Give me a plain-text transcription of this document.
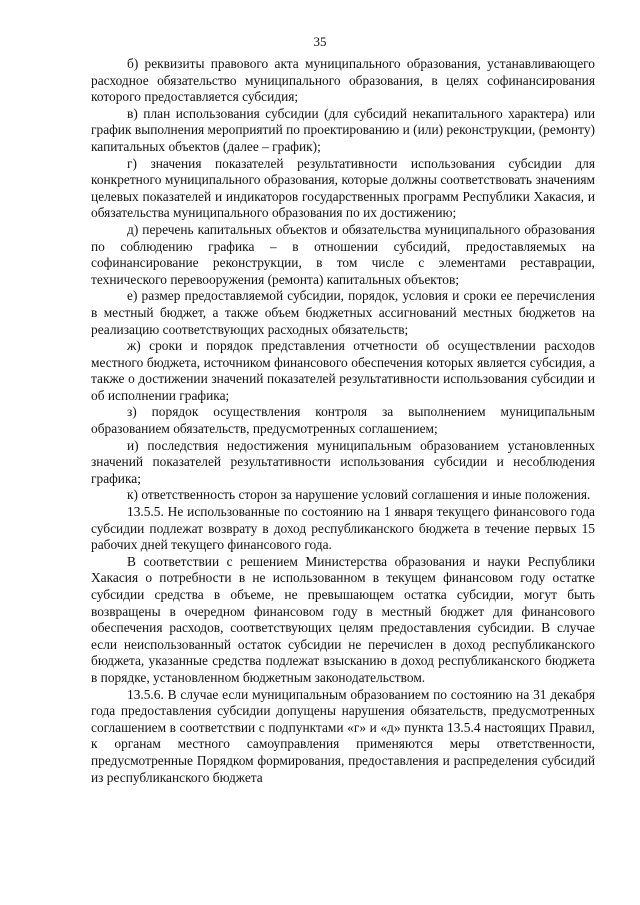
35

б) реквизиты правового акта муниципального образования, устанавливающего расходное обязательство муниципального образования, в целях софинансирования которого предоставляется субсидия;

в) план использования субсидии (для субсидий некапитального характера) или график выполнения мероприятий по проектированию и (или) реконструкции, (ремонту) капитальных объектов (далее – график);

г) значения показателей результативности использования субсидии для конкретного муниципального образования, которые должны соответствовать значениям целевых показателей и индикаторов государственных программ Республики Хакасия, и обязательства муниципального образования по их достижению;

д) перечень капитальных объектов и обязательства муниципального образования по соблюдению графика – в отношении субсидий, предоставляемых на софинансирование реконструкции, в том числе с элементами реставрации, технического перевооружения (ремонта) капитальных объектов;

е) размер предоставляемой субсидии, порядок, условия и сроки ее перечисления в местный бюджет, а также объем бюджетных ассигнований местных бюджетов на реализацию соответствующих расходных обязательств;

ж) сроки и порядок представления отчетности об осуществлении расходов местного бюджета, источником финансового обеспечения которых является субсидия, а также о достижении значений показателей результативности использования субсидии и об исполнении графика;

з) порядок осуществления контроля за выполнением муниципальным образованием обязательств, предусмотренных соглашением;

и) последствия недостижения муниципальным образованием установленных значений показателей результативности использования субсидии и несоблюдения графика;

к) ответственность сторон за нарушение условий соглашения и иные положения.

13.5.5. Не использованные по состоянию на 1 января текущего финансового года субсидии подлежат возврату в доход республиканского бюджета в течение первых 15 рабочих дней текущего финансового года.

В соответствии с решением Министерства образования и науки Республики Хакасия о потребности в не использованном в текущем финансовом году остатке субсидии средства в объеме, не превышающем остатка субсидии, могут быть возвращены в очередном финансовом году в местный бюджет для финансового обеспечения расходов, соответствующих целям предоставления субсидии. В случае если неиспользованный остаток субсидии не перечислен в доход республиканского бюджета, указанные средства подлежат взысканию в доход республиканского бюджета в порядке, установленном бюджетным законодательством.

13.5.6. В случае если муниципальным образованием по состоянию на 31 декабря года предоставления субсидии допущены нарушения обязательств, предусмотренных соглашением в соответствии с подпунктами «г» и «д» пункта 13.5.4 настоящих Правил, к органам местного самоуправления применяются меры ответственности, предусмотренные Порядком формирования, предоставления и распределения субсидий из республиканского бюджета
